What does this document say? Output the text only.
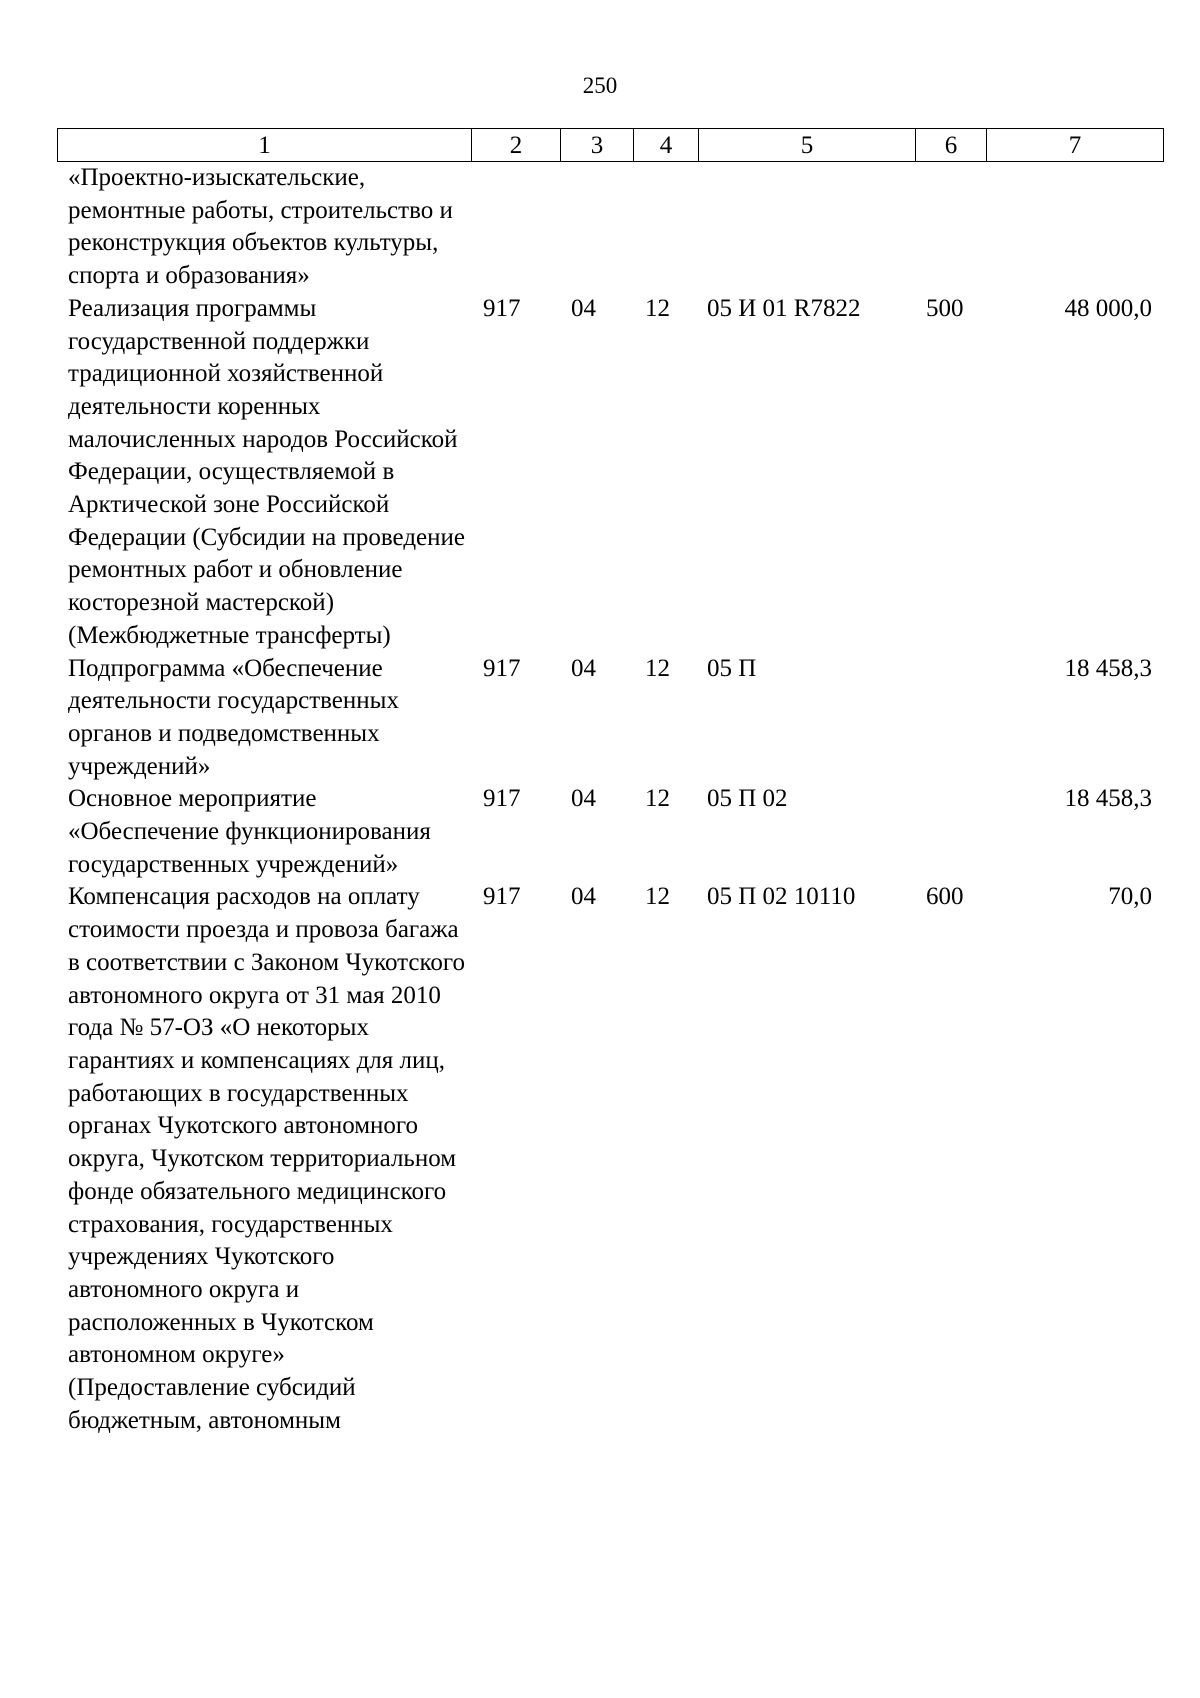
250
1	2	3	4	5	6	7
«Проектно-изыскательские, ремонтные работы, строительство и реконструкция объектов культуры, спорта и образования»						
Реализация программы государственной поддержки традиционной хозяйственной деятельности коренных малочисленных народов Российской Федерации, осуществляемой в Арктической зоне Российской Федерации (Субсидии на проведение ремонтных работ и обновление косторезной мастерской) (Межбюджетные трансферты)	917	04	12	05 И 01 R7822	500	48 000,0
Подпрограмма «Обеспечение деятельности государственных органов и подведомственных учреждений»	917	04	12	05 П		18 458,3
Основное мероприятие «Обеспечение функционирования государственных учреждений»	917	04	12	05 П 02		18 458,3
Компенсация расходов на оплату стоимости проезда и провоза багажа в соответствии с Законом Чукотского автономного округа от 31 мая 2010 года № 57-ОЗ «О некоторых гарантиях и компенсациях для лиц, работающих в государственных органах Чукотского автономного округа, Чукотском территориальном фонде обязательного медицинского страхования, государственных учреждениях Чукотского автономного округа и расположенных в Чукотском автономном округе» (Предоставление субсидий бюджетным, автономным	917	04	12	05 П 02 10110	600	70,0
